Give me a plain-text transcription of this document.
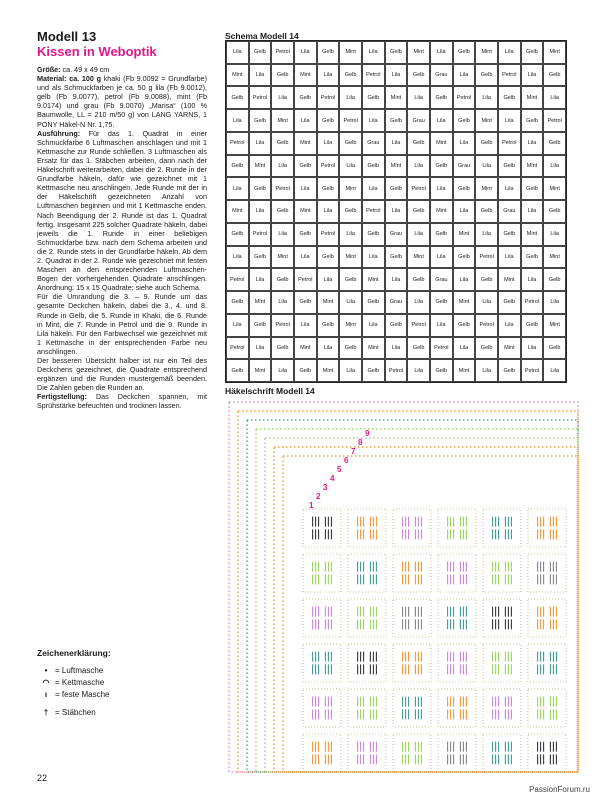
Modell 13
Kissen in Weboptik

Größe: ca. 49 x 49 cm

Material: ca. 100 g khaki (Fb 9.0092 = Grundfarbe) und als Schmuckfarben je ca. 50 g lila (Fb 9.0012), gelb (Fb 9.0077), petrol (Fb 9.0088), mint (Fb 9.0174) und grau (Fb 9.0070) „Marisa“ (100 % Baumwolle, LL = 210 m/50 g) von LANG YARNS, 1 PONY Häkel-N Nr. 1,75.

Ausführung: Für das 1. Quadrat in einer Schmuckfarbe 6 Luftmaschen anschlagen und mit 1 Kettmasche zur Runde schließen. 3 Luftmaschen als Ersatz für das 1. Stäbchen arbeiten, dann nach der Häkelschrift weiterarbeiten, dabei die 2. Runde in der Grundfarbe häkeln, dafür wie gezeichnet mit 1 Kettmasche neu anschlingen. Jede Runde mit der in der Häkelschrift gezeichneten Anzahl von Luftmaschen beginnen und mit 1 Kettmasche enden. Nach Beendigung der 2. Runde ist das 1. Quadrat fertig. Insgesamt 225 solcher Quadrate häkeln, dabei jeweils die 1. Runde in einer beliebigen Schmuckfarbe bzw. nach dem Schema arbeiten und die 2. Runde stets in der Grundfarbe häkeln. Ab dem 2. Quadrat in der 2. Runde wie gezeichnet mit festen Maschen an den entsprechenden Luftmaschen-Bogen der vorhergehenden Quadrate anschlingen. Anordnung: 15 x 15 Quadrate; siehe auch Schema.

Für die Umrandung die 3. – 9. Runde um das gesamte Deckchen häkeln, dabei die 3., 4. und 8. Runde in Gelb, die 5. Runde in Khaki, die 6. Runde in Mint, die 7. Runde in Petrol und die 9. Runde in Lila häkeln. Für den Farbwechsel wie gezeichnet mit 1 Kettmasche in der entsprechenden Farbe neu anschlingen.

Der besseren Übersicht halber ist nur ein Teil des Deckchens gezeichnet, die Quadrate entsprechend ergänzen und die Runden mustergemäß beenden. Die Zahlen geben die Runden an.

Fertigstellung: Das Deckchen spannen, mit Sprühstärke befeuchten und trocknen lassen.

Zeichenerklärung:
• = Luftmasche
◠ = Kettmasche
ı = feste Masche
† = Stäbchen
22
PassionForum.ru
Schema Modell 14
Lila	Gelb	Petrol	Lila	Gelb	Mint	Lila	Gelb	Mint	Lila	Gelb	Mint	Lila	Gelb	Mint
Mint	Lila	Gelb	Mint	Lila	Gelb	Petrol	Lila	Gelb	Grau	Lila	Gelb	Petrol	Lila	Gelb
Gelb	Petrol	Lila	Gelb	Petrol	Lila	Gelb	Mint	Lila	Gelb	Petrol	Lila	Gelb	Mint	Lila
Lila	Gelb	Mint	Lila	Gelb	Petrol	Lila	Gelb	Grau	Lila	Gelb	Mint	Lila	Gelb	Petrol
Petrol	Lila	Gelb	Mint	Lila	Gelb	Grau	Lila	Gelb	Mint	Lila	Gelb	Petrol	Lila	Gelb
Gelb	Mint	Lila	Gelb	Petrol	Lila	Gelb	Mint	Lila	Gelb	Grau	Lila	Gelb	Mint	Lila
Lila	Gelb	Petrol	Lila	Gelb	Mint	Lila	Gelb	Petrol	Lila	Gelb	Mint	Lila	Gelb	Mint
Mint	Lila	Gelb	Mint	Lila	Gelb	Petrol	Lila	Gelb	Mint	Lila	Gelb	Grau	Lila	Gelb
Gelb	Petrol	Lila	Gelb	Petrol	Lila	Gelb	Grau	Lila	Gelb	Mint	Lila	Gelb	Mint	Lila
Lila	Gelb	Mint	Lila	Gelb	Mint	Lila	Gelb	Mint	Lila	Gelb	Petrol	Lila	Gelb	Mint
Petrol	Lila	Gelb	Petrol	Lila	Gelb	Mint	Lila	Gelb	Grau	Lila	Gelb	Mint	Lila	Gelb
Gelb	Mint	Lila	Gelb	Mint	Lila	Gelb	Grau	Lila	Gelb	Mint	Lila	Gelb	Petrol	Lila
Lila	Gelb	Petrol	Lila	Gelb	Mint	Lila	Gelb	Petrol	Lila	Gelb	Petrol	Lila	Gelb	Mint
Petrol	Lila	Gelb	Mint	Lila	Gelb	Mint	Lila	Gelb	Petrol	Lila	Gelb	Mint	Lila	Gelb
Gelb	Mint	Lila	Gelb	Mint	Lila	Gelb	Petrol	Lila	Gelb	Mint	Lila	Gelb	Petrol	Lila
Häkelschrift Modell 14
9
8
7
6
5
4
3
2
1
